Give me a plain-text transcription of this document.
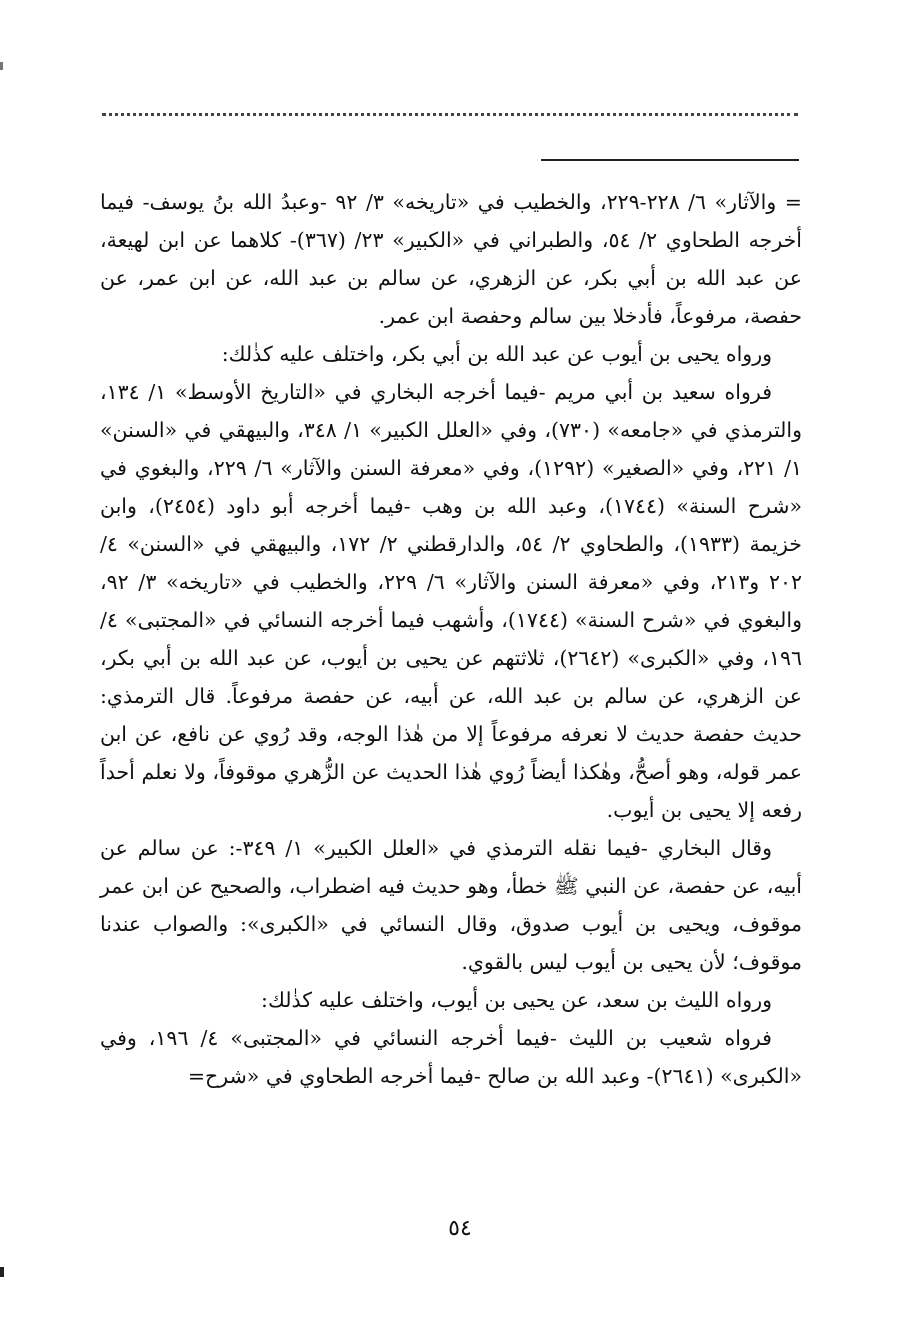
= والآثار» ٦/ ٢٢٨-٢٢٩، والخطيب في «تاريخه» ٣/ ٩٢ -وعبدُ الله بنُ يوسف- فيما أخرجه الطحاوي ٢/ ٥٤، والطبراني في «الكبير» ٢٣/ (٣٦٧)- كلاهما عن ابن لهيعة، عن عبد الله بن أبي بكر، عن الزهري، عن سالم بن عبد الله، عن ابن عمر، عن حفصة، مرفوعاً، فأدخلا بين سالم وحفصة ابن عمر.

ورواه يحيى بن أيوب عن عبد الله بن أبي بكر، واختلف عليه كذٰلك:

فرواه سعيد بن أبي مريم -فيما أخرجه البخاري في «التاريخ الأوسط» ١/ ١٣٤، والترمذي في «جامعه» (٧٣٠)، وفي «العلل الكبير» ١/ ٣٤٨، والبيهقي في «السنن» ١/ ٢٢١، وفي «الصغير» (١٢٩٢)، وفي «معرفة السنن والآثار» ٦/ ٢٢٩، والبغوي في «شرح السنة» (١٧٤٤)، وعبد الله بن وهب -فيما أخرجه أبو داود (٢٤٥٤)، وابن خزيمة (١٩٣٣)، والطحاوي ٢/ ٥٤، والدارقطني ٢/ ١٧٢، والبيهقي في «السنن» ٤/ ٢٠٢ و٢١٣، وفي «معرفة السنن والآثار» ٦/ ٢٢٩، والخطيب في «تاريخه» ٣/ ٩٢، والبغوي في «شرح السنة» (١٧٤٤)، وأشهب فيما أخرجه النسائي في «المجتبى» ٤/ ١٩٦، وفي «الكبرى» (٢٦٤٢)، ثلاثتهم عن يحيى بن أيوب، عن عبد الله بن أبي بكر، عن الزهري، عن سالم بن عبد الله، عن أبيه، عن حفصة مرفوعاً. قال الترمذي: حديث حفصة حديث لا نعرفه مرفوعاً إلا من هٰذا الوجه، وقد رُوي عن نافع، عن ابن عمر قوله، وهو أصحُّ، وهٰكذا أيضاً رُوي هٰذا الحديث عن الزُّهري موقوفاً، ولا نعلم أحداً رفعه إلا يحيى بن أيوب.

وقال البخاري -فيما نقله الترمذي في «العلل الكبير» ١/ ٣٤٩-: عن سالم عن أبيه، عن حفصة، عن النبي ﷺ خطأ، وهو حديث فيه اضطراب، والصحيح عن ابن عمر موقوف، ويحيى بن أيوب صدوق، وقال النسائي في «الكبرى»: والصواب عندنا موقوف؛ لأن يحيى بن أيوب ليس بالقوي.

ورواه الليث بن سعد، عن يحيى بن أيوب، واختلف عليه كذٰلك:

فرواه شعيب بن الليث -فيما أخرجه النسائي في «المجتبى» ٤/ ١٩٦، وفي «الكبرى» (٢٦٤١)- وعبد الله بن صالح -فيما أخرجه الطحاوي في «شرح=

٥٤
